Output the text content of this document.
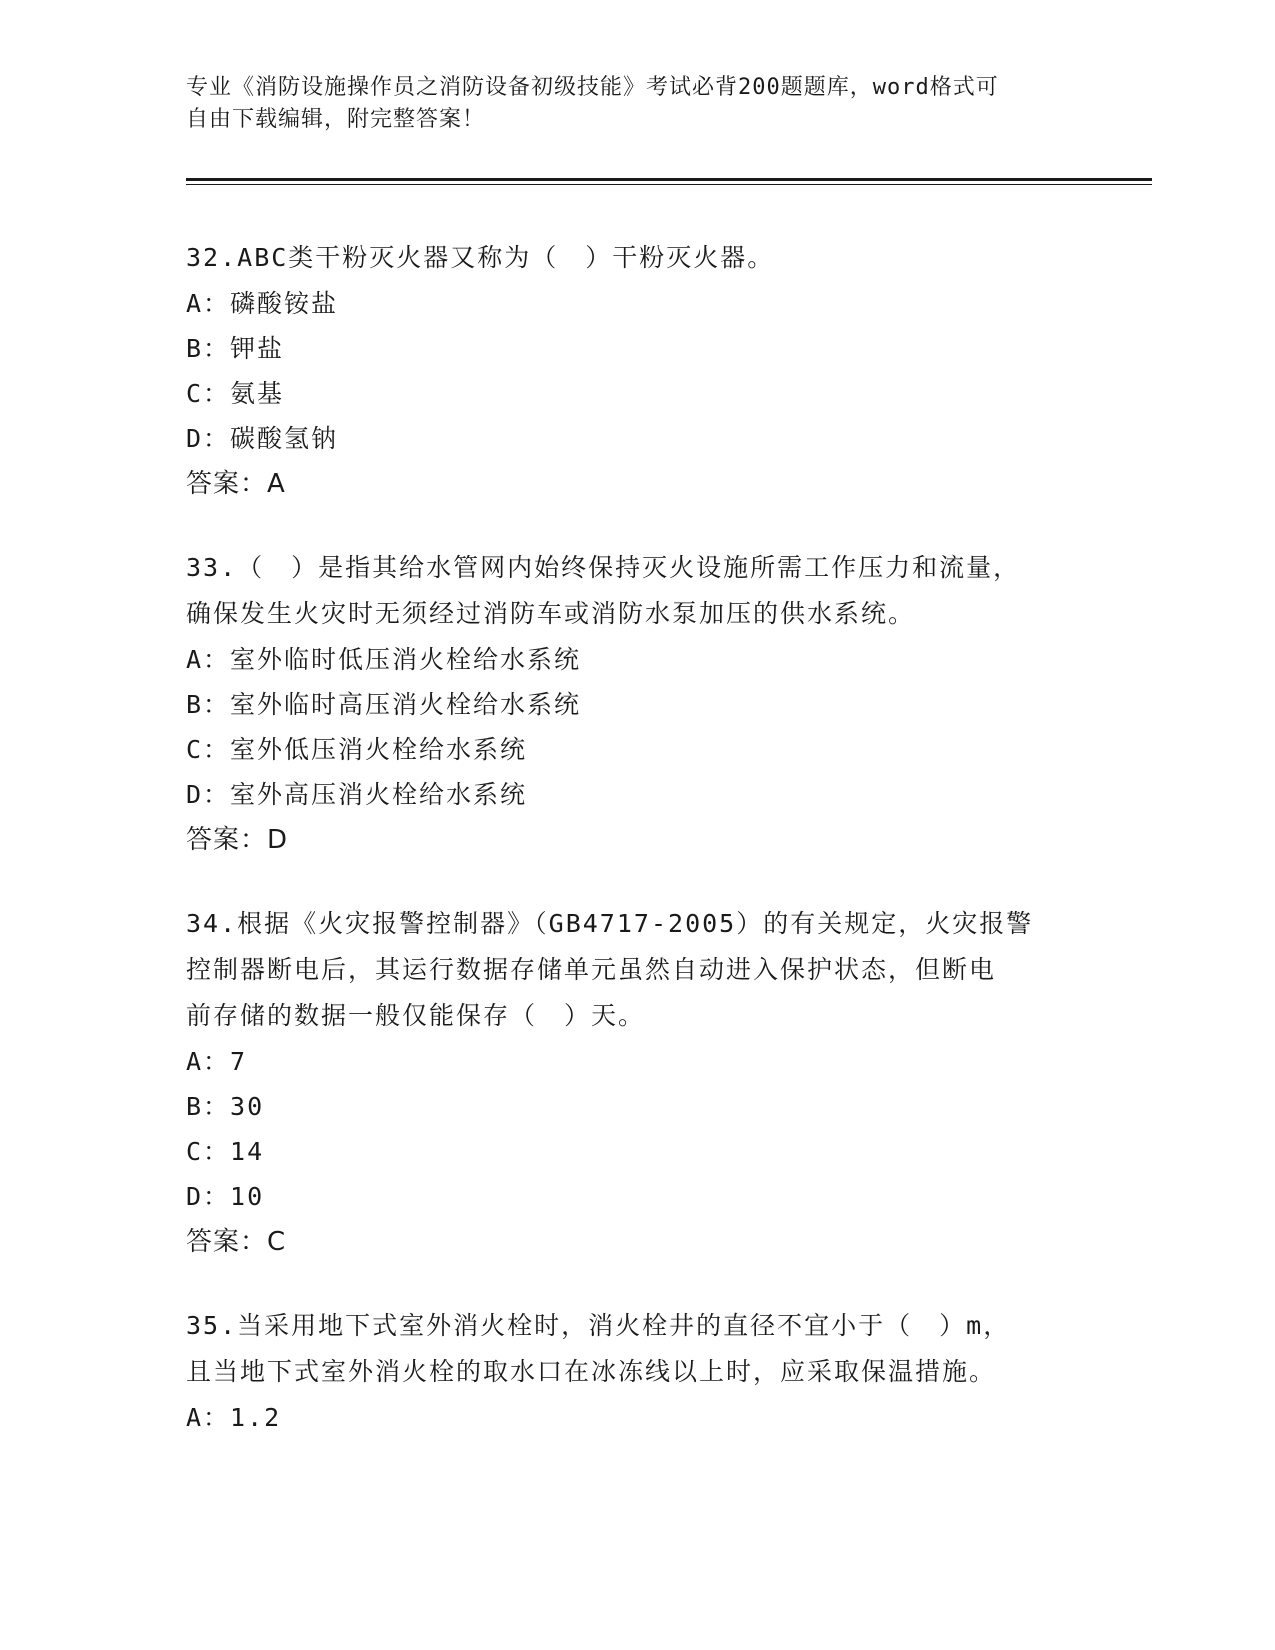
专业《消防设施操作员之消防设备初级技能》考试必背200题题库，word格式可
自由下载编辑，附完整答案！
32.ABC类干粉灭火器又称为（　）干粉灭火器。
A：磷酸铵盐
B：钾盐
C：氨基
D：碳酸氢钠
答案：A
33.（　）是指其给水管网内始终保持灭火设施所需工作压力和流量，
确保发生火灾时无须经过消防车或消防水泵加压的供水系统。
A：室外临时低压消火栓给水系统
B：室外临时高压消火栓给水系统
C：室外低压消火栓给水系统
D：室外高压消火栓给水系统
答案：D
34.根据《火灾报警控制器》（GB4717-2005）的有关规定，火灾报警
控制器断电后，其运行数据存储单元虽然自动进入保护状态，但断电
前存储的数据一般仅能保存（　）天。
A：7
B：30
C：14
D：10
答案：C
35.当采用地下式室外消火栓时，消火栓井的直径不宜小于（　）m，
且当地下式室外消火栓的取水口在冰冻线以上时，应采取保温措施。
A：1.2
